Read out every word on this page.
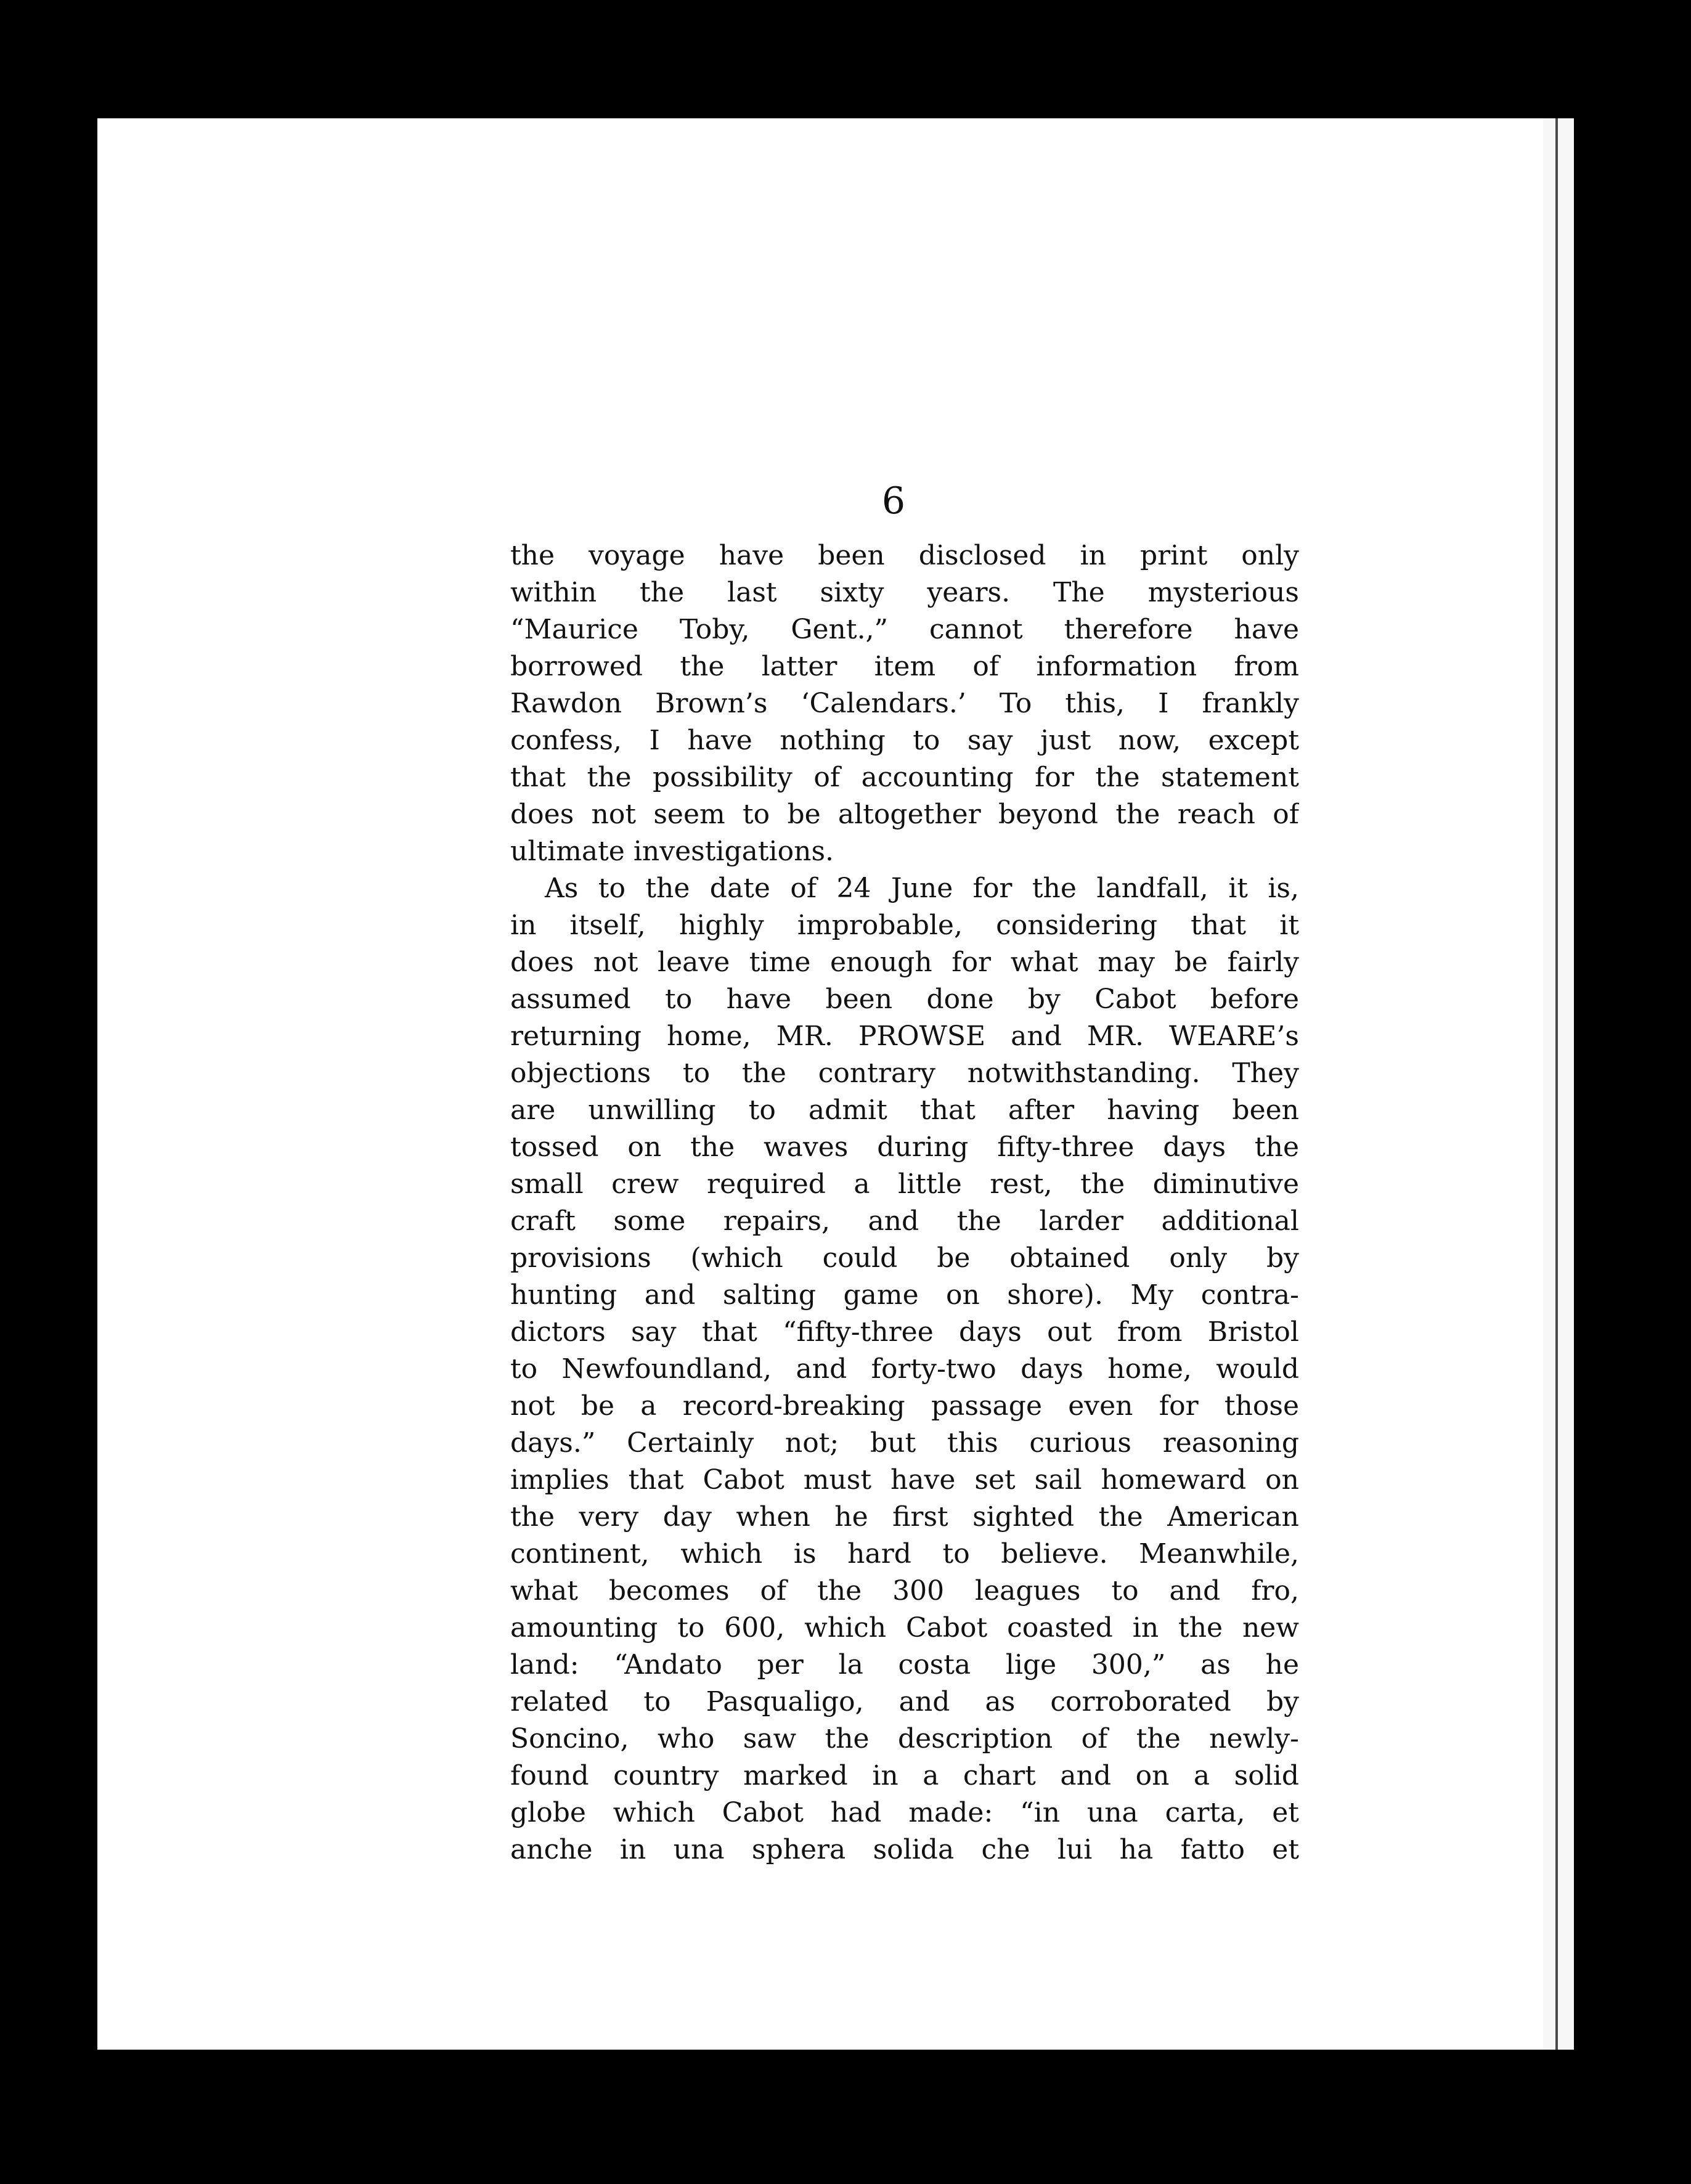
6
the voyage have been disclosed in print only
within the last sixty years. The mysterious
“Maurice Toby, Gent.,” cannot therefore have
borrowed the latter item of information from
Rawdon Brown’s ‘Calendars.’ To this, I frankly
confess, I have nothing to say just now, except
that the possibility of accounting for the statement
does not seem to be altogether beyond the reach of
ultimate investigations.
As to the date of 24 June for the landfall, it is,
in itself, highly improbable, considering that it
does not leave time enough for what may be fairly
assumed to have been done by Cabot before
returning home, MR. PROWSE and MR. WEARE’s
objections to the contrary notwithstanding. They
are unwilling to admit that after having been
tossed on the waves during fifty-three days the
small crew required a little rest, the diminutive
craft some repairs, and the larder additional
provisions (which could be obtained only by
hunting and salting game on shore). My contra-
dictors say that “fifty-three days out from Bristol
to Newfoundland, and forty-two days home, would
not be a record-breaking passage even for those
days.” Certainly not; but this curious reasoning
implies that Cabot must have set sail homeward on
the very day when he first sighted the American
continent, which is hard to believe. Meanwhile,
what becomes of the 300 leagues to and fro,
amounting to 600, which Cabot coasted in the new
land: “Andato per la costa lige 300,” as he
related to Pasqualigo, and as corroborated by
Soncino, who saw the description of the newly-
found country marked in a chart and on a solid
globe which Cabot had made: “in una carta, et
anche in una sphera solida che lui ha fatto et
